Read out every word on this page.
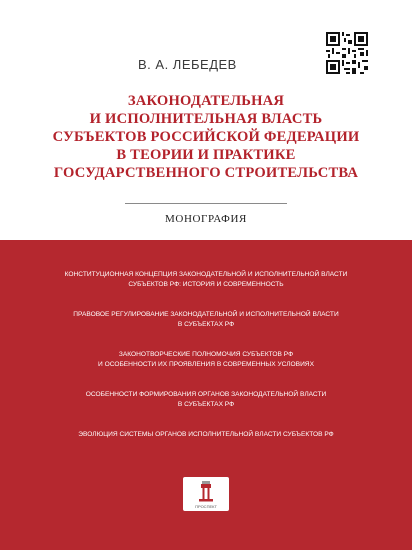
В. А. ЛЕБЕДЕВ
ЗАКОНОДАТЕЛЬНАЯ
И ИСПОЛНИТЕЛЬНАЯ ВЛАСТЬ
СУБЪЕКТОВ РОССИЙСКОЙ ФЕДЕРАЦИИ
В ТЕОРИИ И ПРАКТИКЕ
ГОСУДАРСТВЕННОГО СТРОИТЕЛЬСТВА
МОНОГРАФИЯ
КОНСТИТУЦИОННАЯ КОНЦЕПЦИЯ ЗАКОНОДАТЕЛЬНОЙ И ИСПОЛНИТЕЛЬНОЙ ВЛАСТИ
СУБЪЕКТОВ РФ: ИСТОРИЯ И СОВРЕМЕННОСТЬ
ПРАВОВОЕ РЕГУЛИРОВАНИЕ ЗАКОНОДАТЕЛЬНОЙ И ИСПОЛНИТЕЛЬНОЙ ВЛАСТИ
В СУБЪЕКТАХ РФ
ЗАКОНОТВОРЧЕСКИЕ ПОЛНОМОЧИЯ СУБЪЕКТОВ РФ
И ОСОБЕННОСТИ ИХ ПРОЯВЛЕНИЯ В СОВРЕМЕННЫХ УСЛОВИЯХ
ОСОБЕННОСТИ ФОРМИРОВАНИЯ ОРГАНОВ ЗАКОНОДАТЕЛЬНОЙ ВЛАСТИ
В СУБЪЕКТАХ РФ
ЭВОЛЮЦИЯ СИСТЕМЫ ОРГАНОВ ИСПОЛНИТЕЛЬНОЙ ВЛАСТИ СУБЪЕКТОВ РФ
ПРОСПЕКТ
